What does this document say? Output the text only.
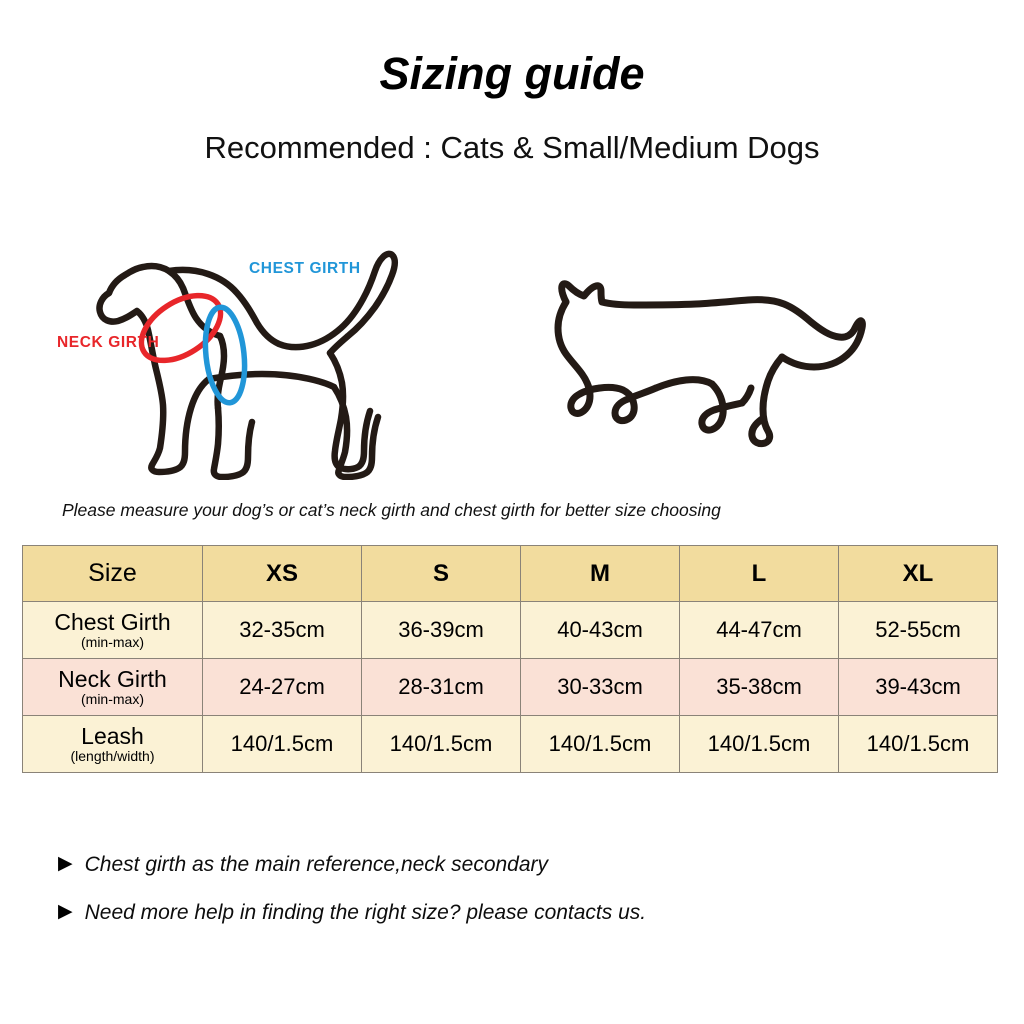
Sizing guide
Recommended : Cats & Small/Medium Dogs
CHEST GIRTH
NECK GIRTH
Please measure your dog’s or cat’s neck girth and chest girth for better size choosing
Size	XS	S	M	L	XL

Chest Girth
(min-max)	32-35cm	36-39cm	40-43cm	44-47cm	52-55cm

Neck Girth
(min-max)	24-27cm	28-31cm	30-33cm	35-38cm	39-43cm

Leash
(length/width)	140/1.5cm	140/1.5cm	140/1.5cm	140/1.5cm	140/1.5cm
▶ Chest girth as the main reference,neck secondary
▶ Need more help in finding the right size? please contacts us.
